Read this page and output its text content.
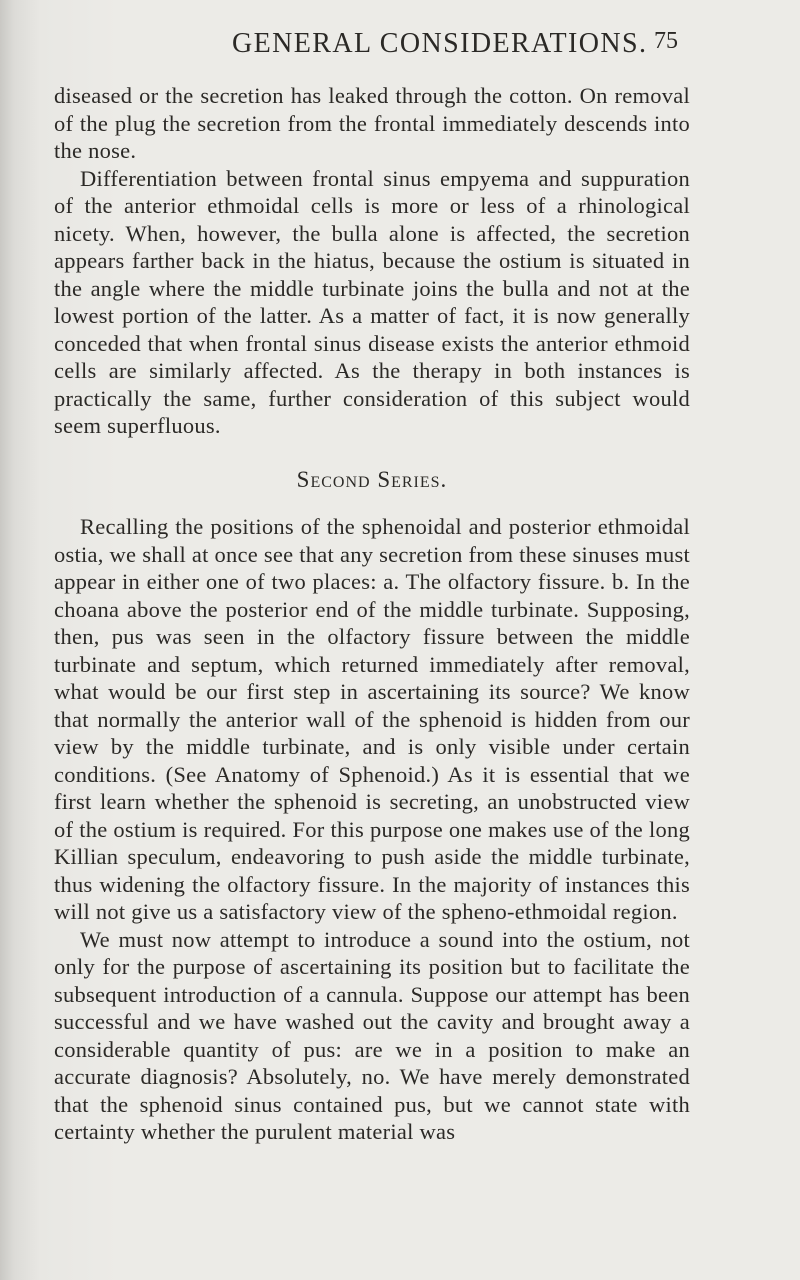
GENERAL CONSIDERATIONS. 75

diseased or the secretion has leaked through the cotton. On removal of the plug the secretion from the frontal immediately descends into the nose.

Differentiation between frontal sinus empyema and suppuration of the anterior ethmoidal cells is more or less of a rhinological nicety. When, however, the bulla alone is affected, the secretion appears farther back in the hiatus, because the ostium is situated in the angle where the middle turbinate joins the bulla and not at the lowest portion of the latter. As a matter of fact, it is now generally conceded that when frontal sinus disease exists the anterior ethmoid cells are similarly affected. As the therapy in both instances is practically the same, further consideration of this subject would seem superfluous.

Second Series.

Recalling the positions of the sphenoidal and posterior ethmoidal ostia, we shall at once see that any secretion from these sinuses must appear in either one of two places: a. The olfactory fissure. b. In the choana above the posterior end of the middle turbinate. Supposing, then, pus was seen in the olfactory fissure between the middle turbinate and septum, which returned immediately after removal, what would be our first step in ascertaining its source? We know that normally the anterior wall of the sphenoid is hidden from our view by the middle turbinate, and is only visible under certain conditions. (See Anatomy of Sphenoid.) As it is essential that we first learn whether the sphenoid is secreting, an unobstructed view of the ostium is required. For this purpose one makes use of the long Killian speculum, endeavoring to push aside the middle turbinate, thus widening the olfactory fissure. In the majority of instances this will not give us a satisfactory view of the spheno-ethmoidal region.

We must now attempt to introduce a sound into the ostium, not only for the purpose of ascertaining its position but to facilitate the subsequent introduction of a cannula. Suppose our attempt has been successful and we have washed out the cavity and brought away a considerable quantity of pus: are we in a position to make an accurate diagnosis? Absolutely, no. We have merely demonstrated that the sphenoid sinus contained pus, but we cannot state with certainty whether the purulent material was
